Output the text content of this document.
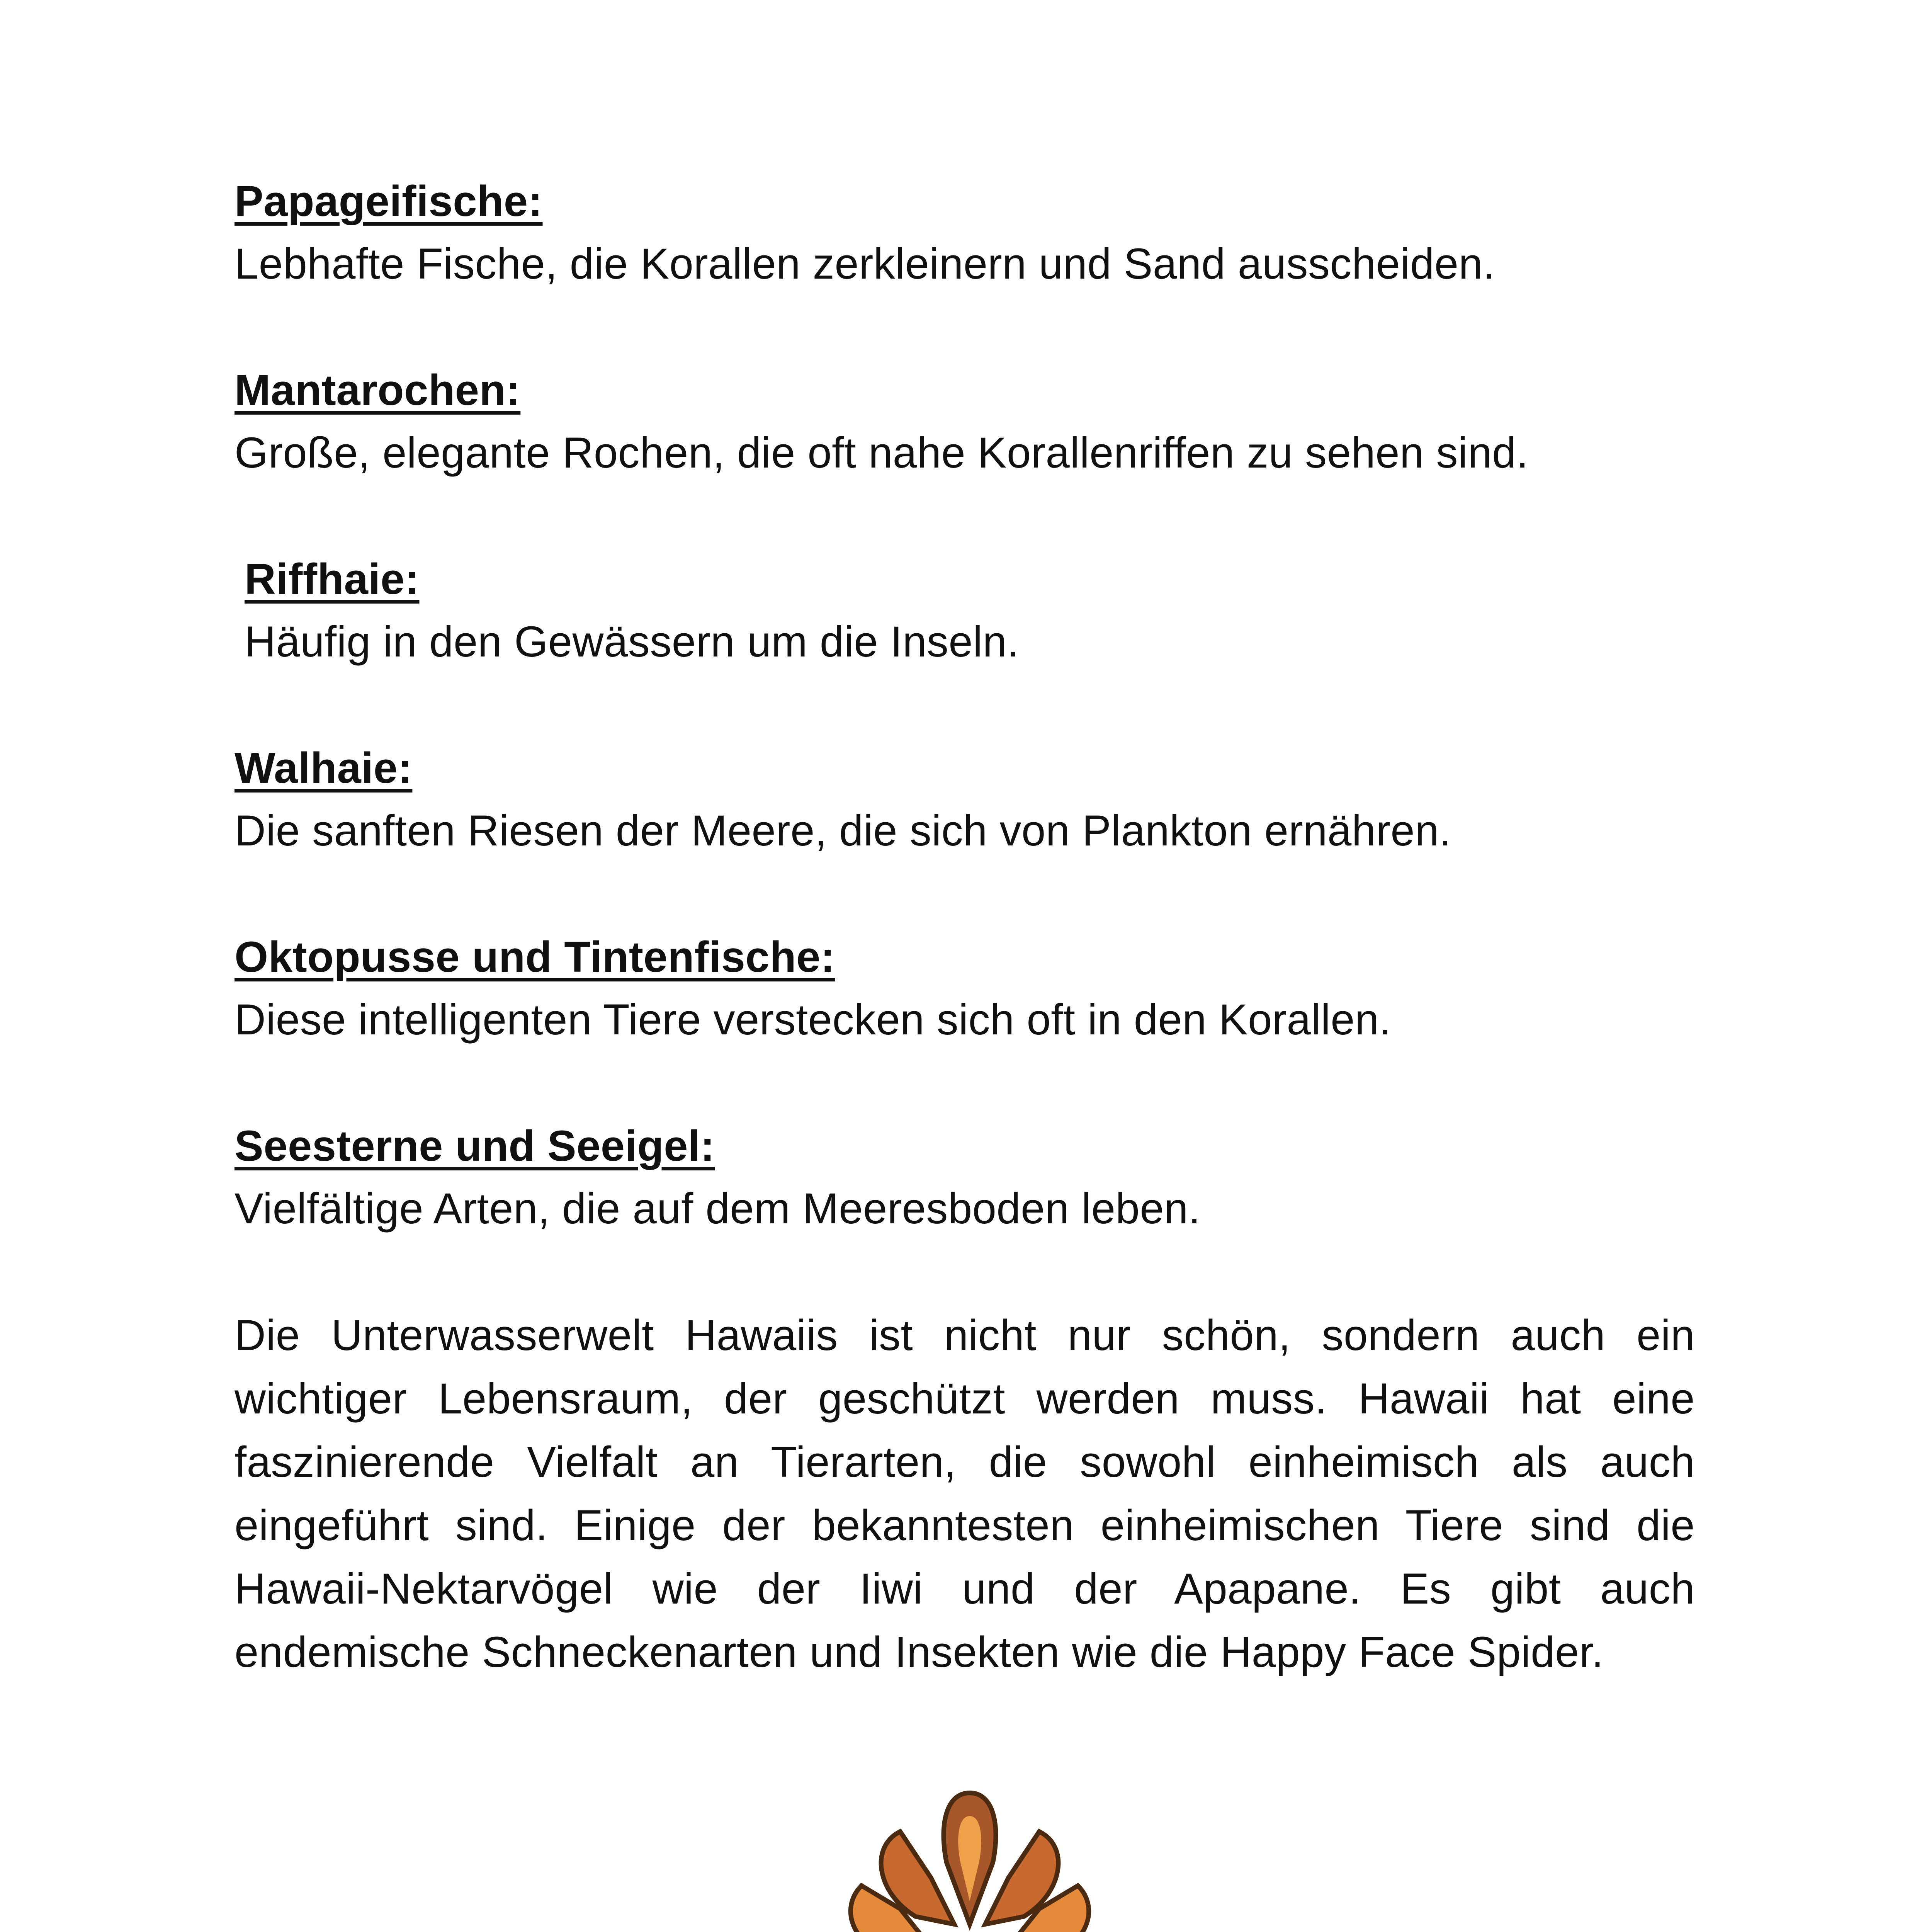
Papageifische:
Lebhafte Fische, die Korallen zerkleinern und Sand ausscheiden.
Mantarochen:
Große, elegante Rochen, die oft nahe Korallenriffen zu sehen sind.
Riffhaie:
Häufig in den Gewässern um die Inseln.
Walhaie:
Die sanften Riesen der Meere, die sich von Plankton ernähren.
Oktopusse und Tintenfische:
Diese intelligenten Tiere verstecken sich oft in den Korallen.
Seesterne und Seeigel:
Vielfältige Arten, die auf dem Meeresboden leben.

Die Unterwasserwelt Hawaiis ist nicht nur schön, sondern auch ein wichtiger Lebensraum, der geschützt werden muss. Hawaii hat eine faszinierende Vielfalt an Tierarten, die sowohl einheimisch als auch eingeführt sind. Einige der bekanntesten einheimischen Tiere sind die Hawaii-Nektarvögel wie der Iiwi und der Apapane. Es gibt auch endemische Schneckenarten und Insekten wie die Happy Face Spider.
